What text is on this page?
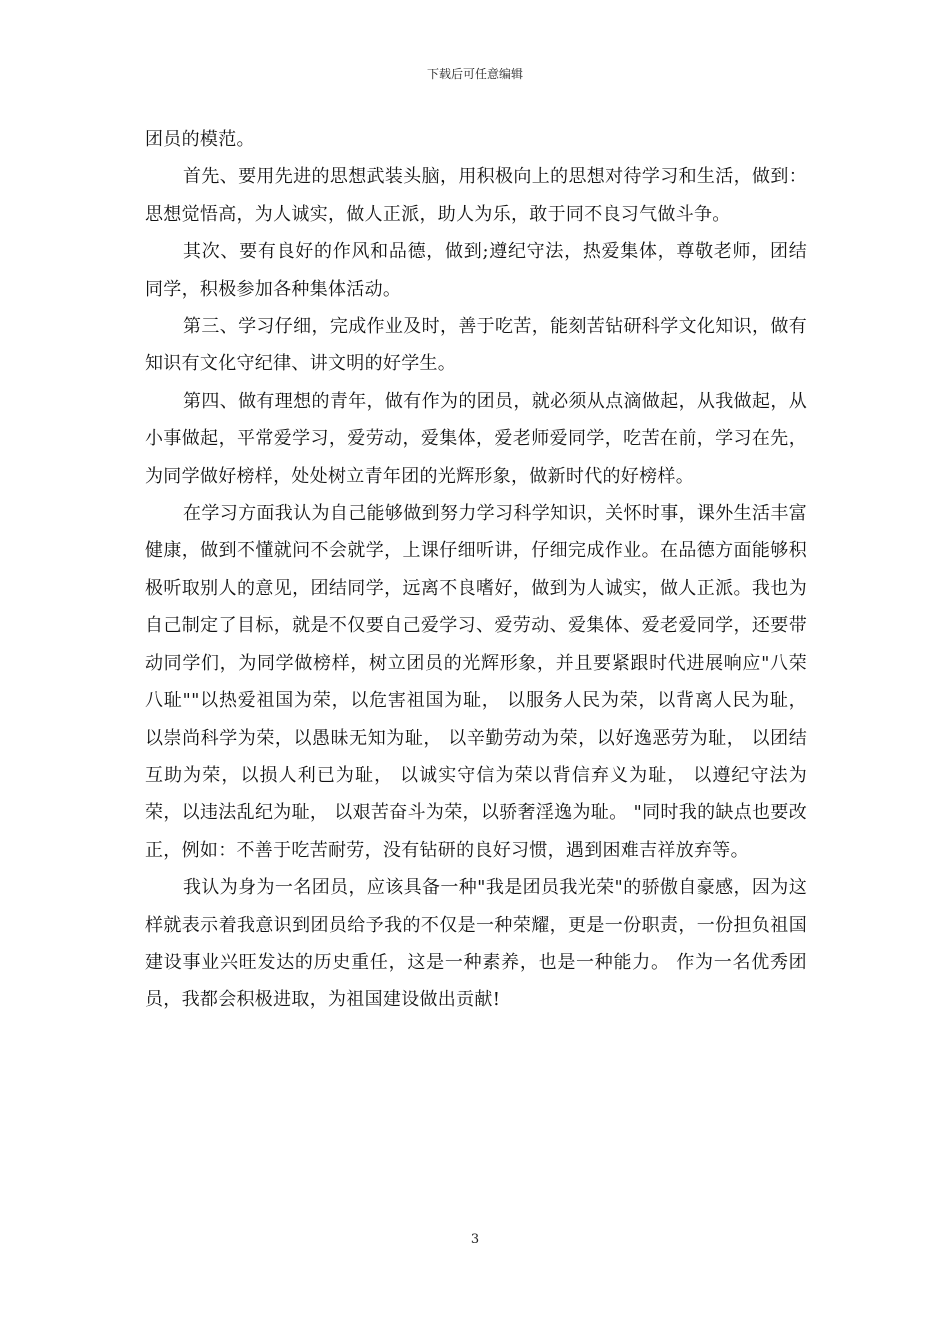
下载后可任意编辑

团员的模范。

首先、要用先进的思想武装头脑，用积极向上的思想对待学习和生活，做到：思想觉悟高，为人诚实，做人正派，助人为乐，敢于同不良习气做斗争。

其次、要有良好的作风和品德，做到;遵纪守法，热爱集体，尊敬老师，团结同学，积极参加各种集体活动。

第三、学习仔细，完成作业及时，善于吃苦，能刻苦钻研科学文化知识，做有知识有文化守纪律、讲文明的好学生。

第四、做有理想的青年，做有作为的团员，就必须从点滴做起，从我做起，从小事做起，平常爱学习，爱劳动，爱集体，爱老师爱同学，吃苦在前，学习在先，为同学做好榜样，处处树立青年团的光辉形象，做新时代的好榜样。

在学习方面我认为自己能够做到努力学习科学知识，关怀时事，课外生活丰富健康，做到不懂就问不会就学，上课仔细听讲，仔细完成作业。在品德方面能够积极听取别人的意见，团结同学，远离不良嗜好，做到为人诚实，做人正派。我也为自己制定了目标，就是不仅要自己爱学习、爱劳动、爱集体、爱老爱同学，还要带动同学们，为同学做榜样，树立团员的光辉形象，并且要紧跟时代进展响应"八荣八耻""以热爱祖国为荣，以危害祖国为耻， 以服务人民为荣，以背离人民为耻， 以崇尚科学为荣，以愚昧无知为耻， 以辛勤劳动为荣，以好逸恶劳为耻， 以团结互助为荣，以损人利已为耻， 以诚实守信为荣以背信弃义为耻， 以遵纪守法为荣，以违法乱纪为耻， 以艰苦奋斗为荣，以骄奢淫逸为耻。 "同时我的缺点也要改正，例如：不善于吃苦耐劳，没有钻研的良好习惯，遇到困难吉祥放弃等。

我认为身为一名团员，应该具备一种"我是团员我光荣"的骄傲自豪感，因为这样就表示着我意识到团员给予我的不仅是一种荣耀，更是一份职责，一份担负祖国建设事业兴旺发达的历史重任，这是一种素养，也是一种能力。 作为一名优秀团员，我都会积极进取，为祖国建设做出贡献!

3
